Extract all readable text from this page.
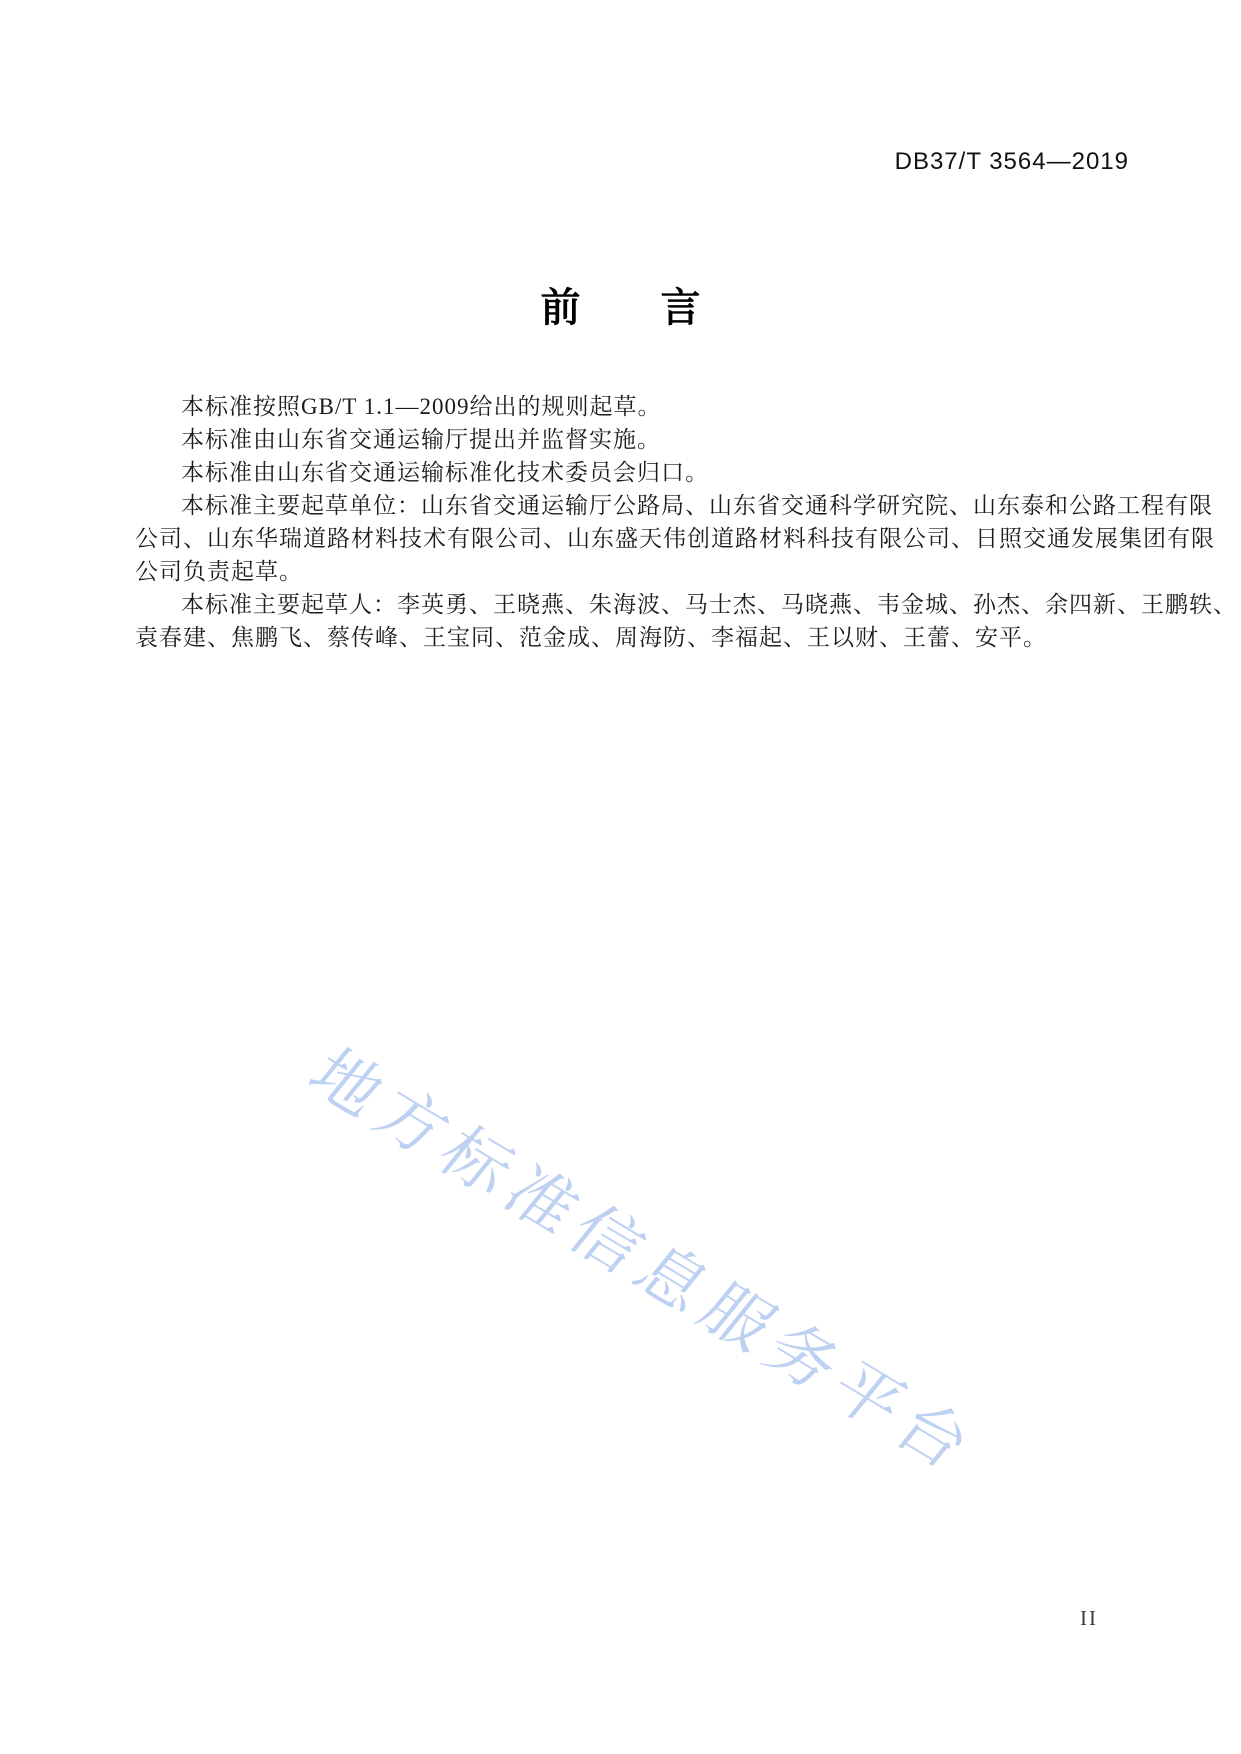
DB37/T 3564—2019
前　　言
本标准按照GB/T 1.1—2009给出的规则起草。
本标准由山东省交通运输厅提出并监督实施。
本标准由山东省交通运输标准化技术委员会归口。
本标准主要起草单位：山东省交通运输厅公路局、山东省交通科学研究院、山东泰和公路工程有限
公司、山东华瑞道路材料技术有限公司、山东盛天伟创道路材料科技有限公司、日照交通发展集团有限
公司负责起草。
本标准主要起草人：李英勇、王晓燕、朱海波、马士杰、马晓燕、韦金城、孙杰、余四新、王鹏轶、
袁春建、焦鹏飞、蔡传峰、王宝同、范金成、周海防、李福起、王以财、王蕾、安平。
地方标准信息服务平台
II
